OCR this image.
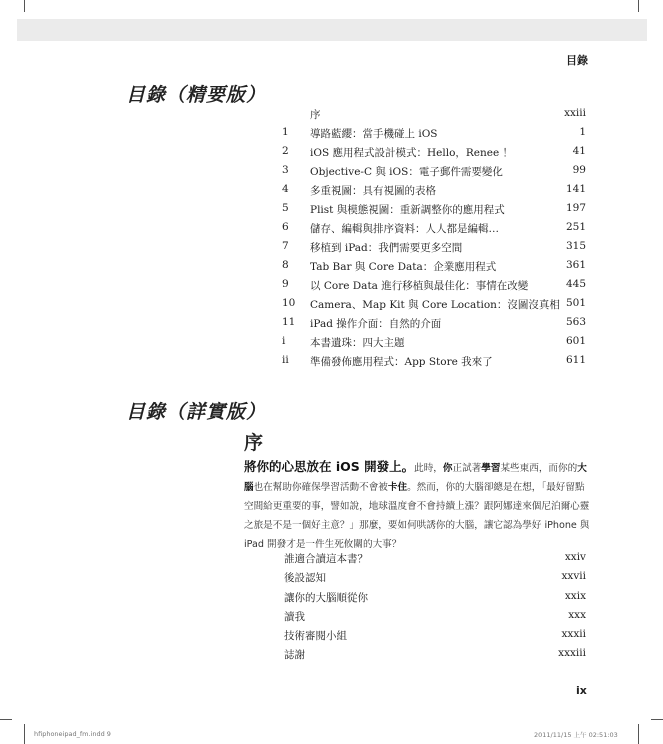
目錄
目錄（精要版）
序	xxiii
1	導路藍纓：當手機碰上 iOS	1
2	iOS 應用程式設計模式：Hello，Renee ！	41
3	Objective-C 與 iOS：電子郵件需要變化	99
4	多重視圖：具有視圖的表格	141
5	Plist 與模態視圖：重新調整你的應用程式	197
6	儲存、編輯與排序資料：人人都是編輯…	251
7	移植到 iPad：我們需要更多空間	315
8	Tab Bar 與 Core Data：企業應用程式	361
9	以 Core Data 進行移植與最佳化：事情在改變	445
10	Camera、Map Kit 與 Core Location：沒圖沒真相 501
11	iPad 操作介面：自然的介面	563
i	本書遺珠：四大主題	601
ii	準備發佈應用程式：App Store 我來了	611
目錄（詳實版）
序
將你的心思放在 iOS 開發上。此時，你正試著學習某些東西，而你的大腦也在幫助你確保學習活動不會被卡住。然而，你的大腦卻總是在想，「最好留點空間給更重要的事，譬如說，地球溫度會不會持續上漲？跟阿娜達來個尼泊爾心靈之旅是不是一個好主意？」那麼，要如何哄誘你的大腦，讓它認為學好 iPhone 與 iPad 開發才是一件生死攸關的大事？
誰適合讀這本書？	xxiv
後設認知	xxvii
讓你的大腦順從你	xxix
讀我	xxx
技術審閱小組	xxxii
誌謝	xxxiii
ix
hfiphoneipad_fm.indd 9	2011/11/15 上午 02:51:03
